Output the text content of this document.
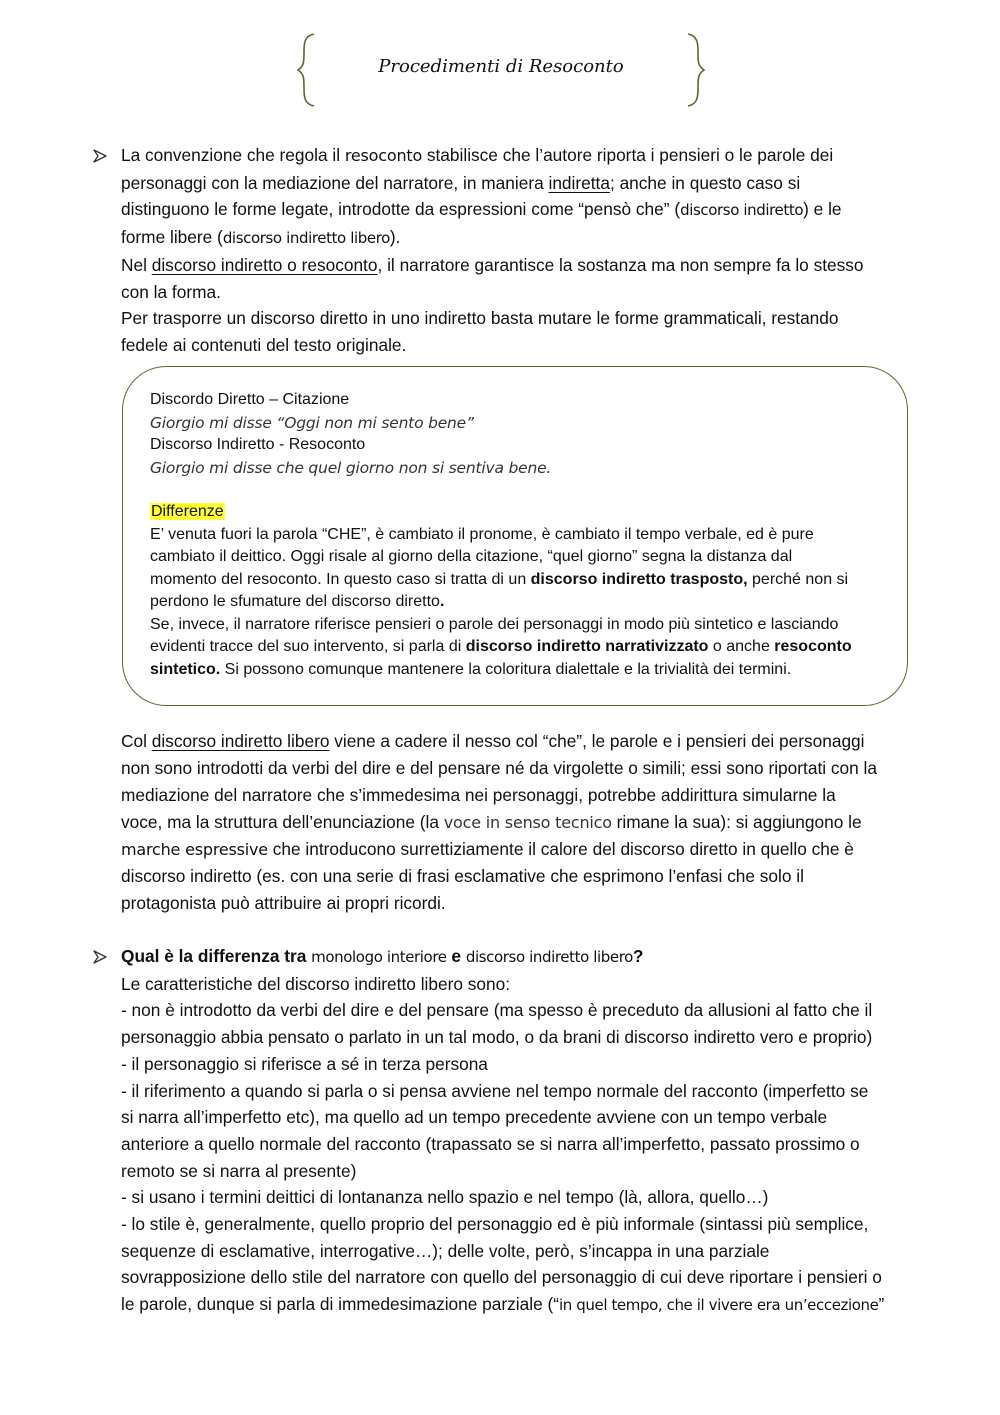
Procedimenti di Resoconto

La convenzione che regola il resoconto stabilisce che l’autore riporta i pensieri o le parole dei

personaggi con la mediazione del narratore, in maniera indiretta; anche in questo caso si

distinguono le forme legate, introdotte da espressioni come “pensò che” (discorso indiretto) e le

forme libere (discorso indiretto libero).

Nel discorso indiretto o resoconto, il narratore garantisce la sostanza ma non sempre fa lo stesso

con la forma.

Per trasporre un discorso diretto in uno indiretto basta mutare le forme grammaticali, restando

fedele ai contenuti del testo originale.

Discordo Diretto – Citazione

Giorgio mi disse “Oggi non mi sento bene”

Discorso Indiretto - Resoconto

Giorgio mi disse che quel giorno non si sentiva bene.

Differenze

E’ venuta fuori la parola “CHE”, è cambiato il pronome, è cambiato il tempo verbale, ed è pure

cambiato il deittico. Oggi risale al giorno della citazione, “quel giorno” segna la distanza dal

momento del resoconto. In questo caso si tratta di un discorso indiretto trasposto, perché non si

perdono le sfumature del discorso diretto.

Se, invece, il narratore riferisce pensieri o parole dei personaggi in modo più sintetico e lasciando

evidenti tracce del suo intervento, si parla di discorso indiretto narrativizzato o anche resoconto

sintetico. Si possono comunque mantenere la coloritura dialettale e la trivialità dei termini.

Col discorso indiretto libero viene a cadere il nesso col “che”, le parole e i pensieri dei personaggi

non sono introdotti da verbi del dire e del pensare né da virgolette o simili; essi sono riportati con la

mediazione del narratore che s’immedesima nei personaggi, potrebbe addirittura simularne la

voce, ma la struttura dell’enunciazione (la voce in senso tecnico rimane la sua): si aggiungono le

marche espressive che introducono surrettiziamente il calore del discorso diretto in quello che è

discorso indiretto (es. con una serie di frasi esclamative che esprimono l’enfasi che solo il

protagonista può attribuire ai propri ricordi.

Qual è la differenza tra monologo interiore e discorso indiretto libero?

Le caratteristiche del discorso indiretto libero sono:

- non è introdotto da verbi del dire e del pensare (ma spesso è preceduto da allusioni al fatto che il

personaggio abbia pensato o parlato in un tal modo, o da brani di discorso indiretto vero e proprio)

- il personaggio si riferisce a sé in terza persona

- il riferimento a quando si parla o si pensa avviene nel tempo normale del racconto (imperfetto se

si narra all’imperfetto etc), ma quello ad un tempo precedente avviene con un tempo verbale

anteriore a quello normale del racconto (trapassato se si narra all’imperfetto, passato prossimo o

remoto se si narra al presente)

- si usano i termini deittici di lontananza nello spazio e nel tempo (là, allora, quello…)

- lo stile è, generalmente, quello proprio del personaggio ed è più informale (sintassi più semplice,

sequenze di esclamative, interrogative…); delle volte, però, s’incappa in una parziale

sovrapposizione dello stile del narratore con quello del personaggio di cui deve riportare i pensieri o

le parole, dunque si parla di immedesimazione parziale (“in quel tempo, che il vivere era un’eccezione”
